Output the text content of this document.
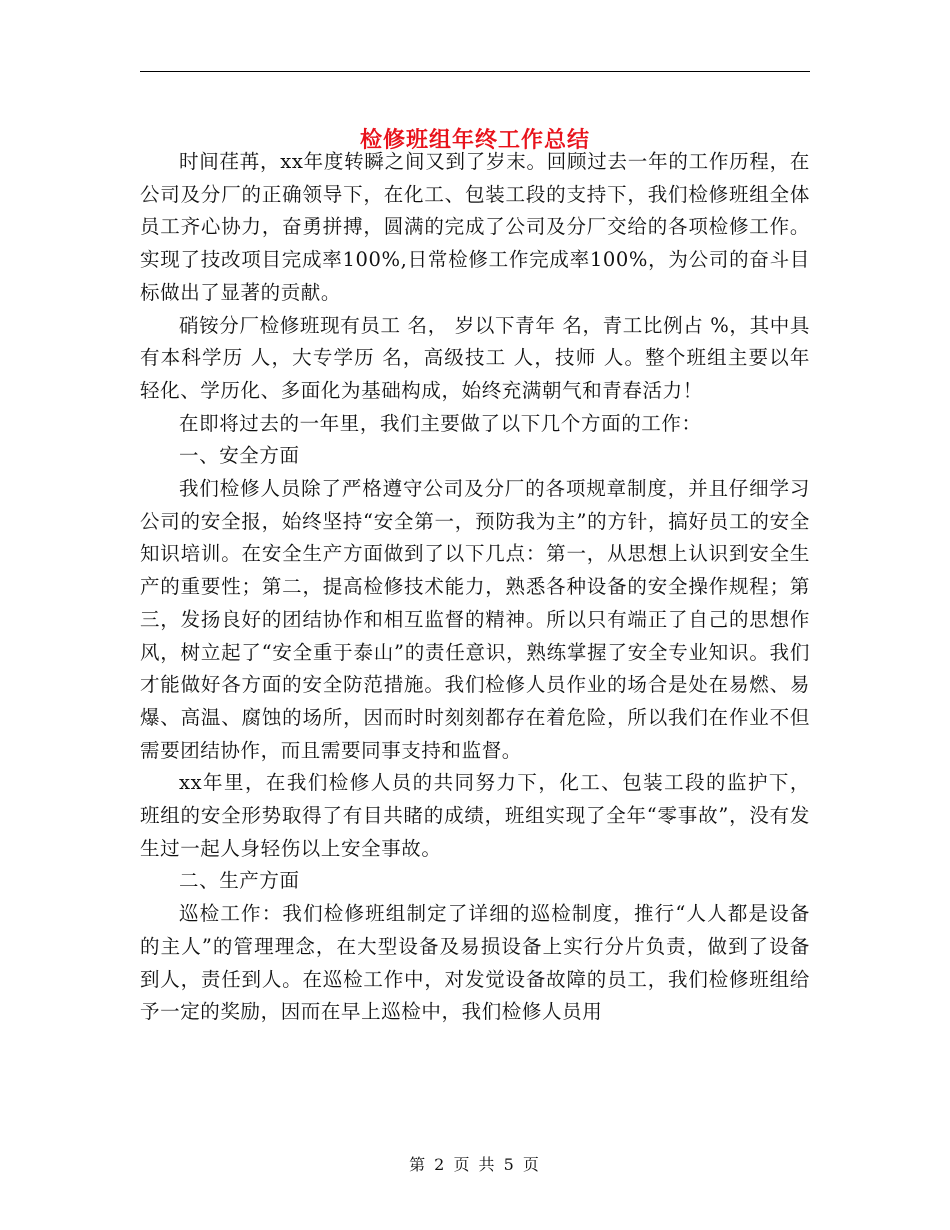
检修班组年终工作总结

时间荏苒，xx年度转瞬之间又到了岁末。回顾过去一年的工作历程，在公司及分厂的正确领导下，在化工、包装工段的支持下，我们检修班组全体员工齐心协力，奋勇拼搏，圆满的完成了公司及分厂交给的各项检修工作。实现了技改项目完成率100%,日常检修工作完成率100%，为公司的奋斗目标做出了显著的贡献。

硝铵分厂检修班现有员工 名， 岁以下青年 名，青工比例占 %，其中具有本科学历 人，大专学历 名，高级技工 人，技师 人。整个班组主要以年轻化、学历化、多面化为基础构成，始终充满朝气和青春活力！

在即将过去的一年里，我们主要做了以下几个方面的工作：

一、安全方面

我们检修人员除了严格遵守公司及分厂的各项规章制度，并且仔细学习公司的安全报，始终坚持“安全第一，预防我为主”的方针，搞好员工的安全知识培训。在安全生产方面做到了以下几点：第一，从思想上认识到安全生产的重要性；第二，提高检修技术能力，熟悉各种设备的安全操作规程；第三，发扬良好的团结协作和相互监督的精神。所以只有端正了自己的思想作风，树立起了“安全重于泰山”的责任意识，熟练掌握了安全专业知识。我们才能做好各方面的安全防范措施。我们检修人员作业的场合是处在易燃、易爆、高温、腐蚀的场所，因而时时刻刻都存在着危险，所以我们在作业不但需要团结协作，而且需要同事支持和监督。

xx年里，在我们检修人员的共同努力下，化工、包装工段的监护下， 班组的安全形势取得了有目共睹的成绩，班组实现了全年“零事故”，没有发生过一起人身轻伤以上安全事故。

二、生产方面

巡检工作：我们检修班组制定了详细的巡检制度，推行“人人都是设备的主人”的管理理念，在大型设备及易损设备上实行分片负责，做到了设备到人，责任到人。在巡检工作中，对发觉设备故障的员工，我们检修班组给予一定的奖励，因而在早上巡检中，我们检修人员用

第 2 页 共 5 页
